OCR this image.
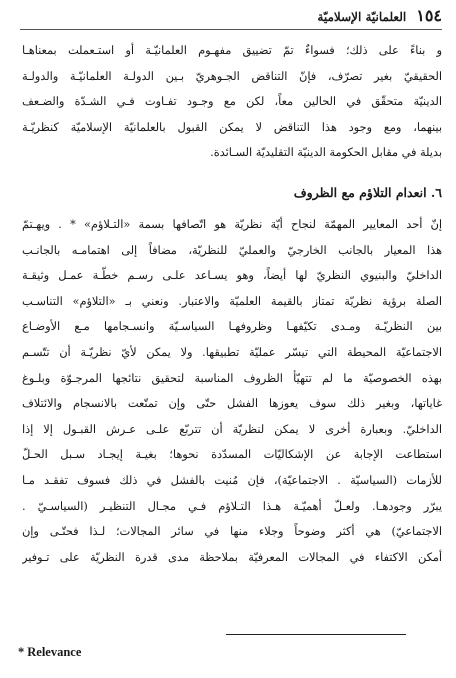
١٥٤
العلمانيّة الإسلاميّة
و بناءً على ذلك؛ فسواءٌ تمّ تضييق مفهـوم العلمانيّـة أو استـعملت بمعناهـا
الحقيقيّ بغير تصرّف، فإنّ التناقض الجـوهريّ بـين الدولـة العلمانيّـة والدولـة
الدينيّة متحقّق في الحالين معاً، لكن مع وجـود تفـاوت فـي الشـدّة والضـعف
بينهما، ومع وجود هذا التناقض لا يمكن القبول بالعلمانيّة الإسلاميّة كنظريّـة
بديلة في مقابل الحكومة الدينيّة التقليديّة السـائدة.
٦. انعدام التلاؤم مع الظروف
إنّ أحد المعايير المهمّة لنجاح أيّة نظريّة هو اتّصافها بسمة «التـلاؤم» * . ويهـتمّ
هذا المعيار بالجانب الخارجيّ والعمليّ للنظريّة، مضافاً إلى اهتمامـه بالجانـب
الداخليّ والبنيوي النظريّ لها أيضاً، وهو يسـاعد علـى رسـم خطّـة عمـل وثيقـة
الصلة برؤية نظريّة تمتاز بالقيمة العلميّة والاعتبار. ونعني بـ «التلاؤم» التناسـب
بين النظريّـة ومـدى تكيّفهـا وظروفهـا السياسـيّة وانسـجامها مـع الأوضـاع
الاجتماعيّة المحيطة التي تيسّر عمليّة تطبيقها. ولا يمكن لأيّ نظريّـة أن تتّسـم
بهذه الخصوصيّة ما لم تتهيّأ الظروف المناسبة لتحقيق نتائجها المرجـوّة وبلـوغ
غاياتها، وبغير ذلك سوف يعوزها الفشل حتّى وإن تمتّعت بالانسجام والائتلاف
الداخليّ. وبعبارة أخرى لا يمكن لنظريّة أن تتربّع علـى عـرش القبـول إلا إذا
استطاعت الإجابة عن الإشكاليّات المسدّدة نحوها؛ بغيـة إيجـاد سـبل الحـلّ
للأزمات (السياسيّة . الاجتماعيّة)، فإن مُنيت بالفشل في ذلك فسوف تفقـد مـا
يبرّر وجودهـا. ولعـلّ أهميّـة هـذا التـلاؤم فـي مجـال التنظيـر (السياسـيّ .
الاجتماعيّ) هي أكثر وضوحاً وجلاء منها في سائر المجالات؛ لـذا فحتّـى وإن
أمكن الاكتفاء في المجالات المعرفيّة بملاحظة مدى قدرة النظريّة على تـوفير
* Relevance
